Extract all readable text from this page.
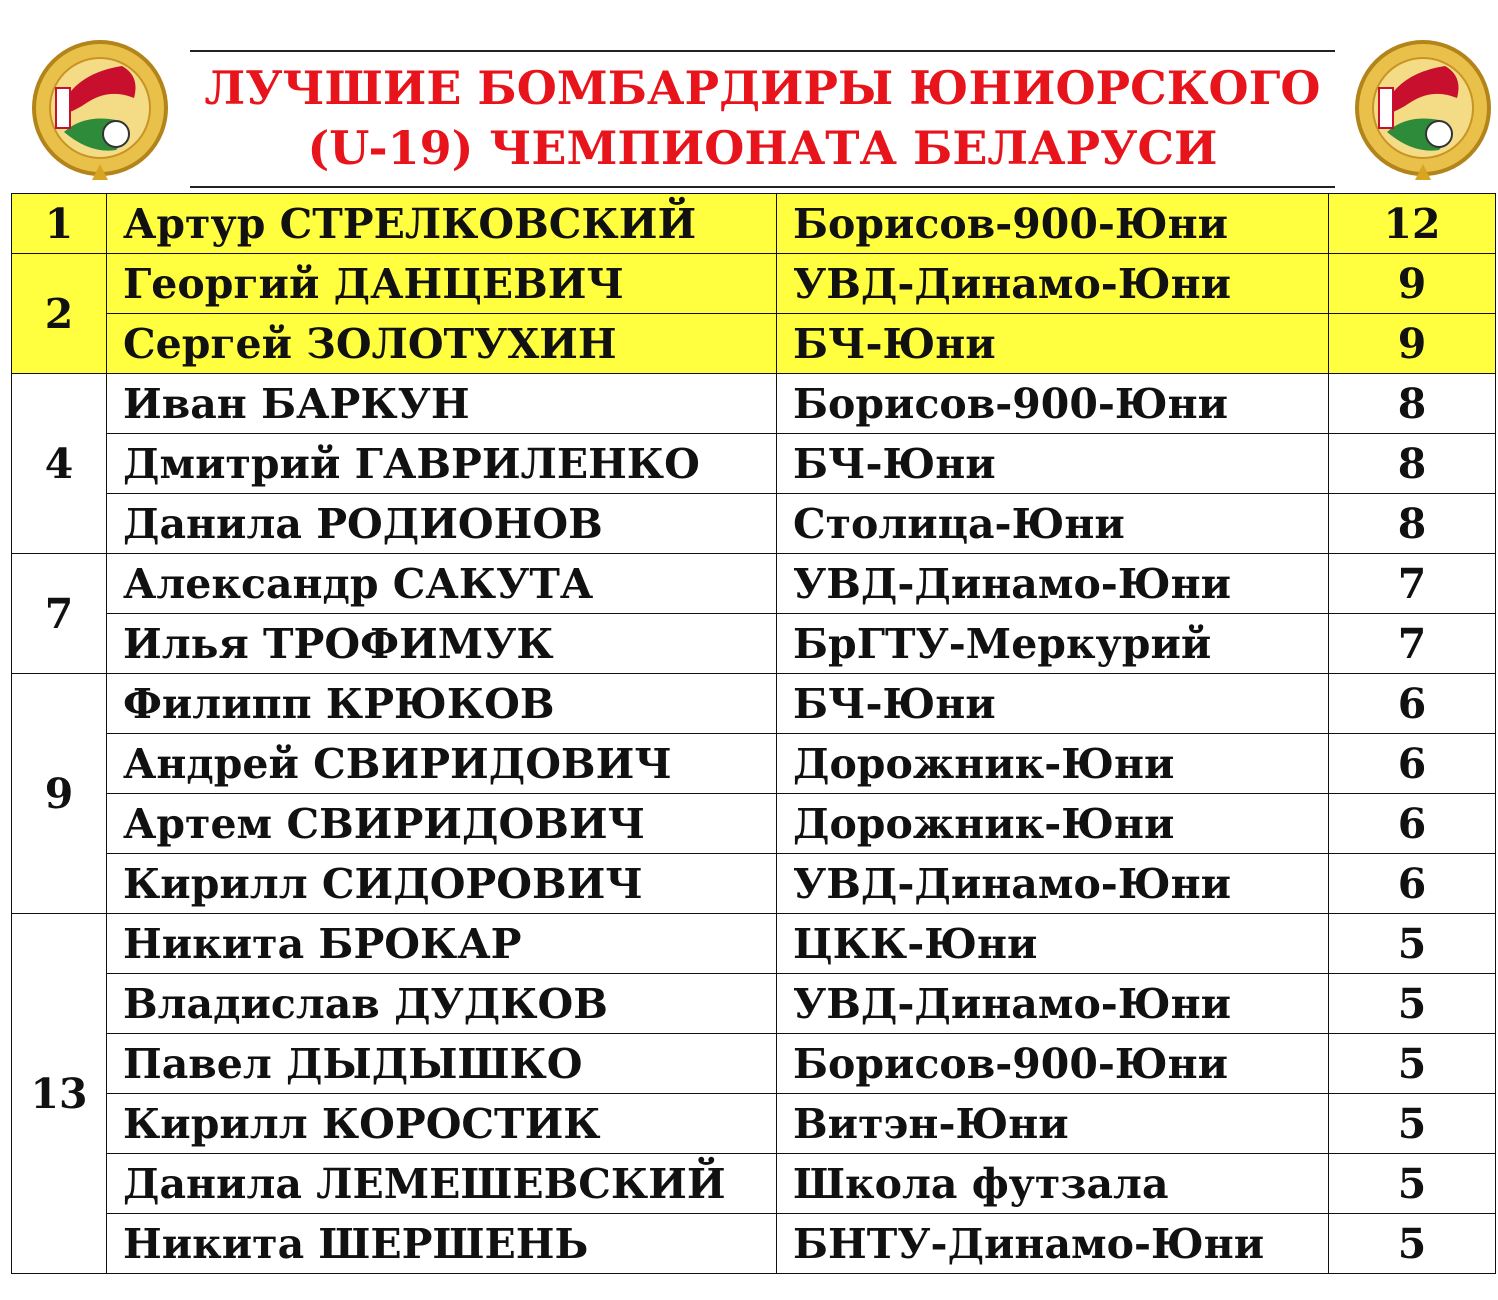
ЛУЧШИЕ БОМБАРДИРЫ ЮНИОРСКОГО
(U-19) ЧЕМПИОНАТА БЕЛАРУСИ
1	Артур СТРЕЛКОВСКИЙ	Борисов-900-Юни	12
2	Георгий ДАНЦЕВИЧ	УВД-Динамо-Юни	9
	Сергей ЗОЛОТУХИН	БЧ-Юни	9
4	Иван БАРКУН	Борисов-900-Юни	8
	Дмитрий ГАВРИЛЕНКО	БЧ-Юни	8
	Данила РОДИОНОВ	Столица-Юни	8
7	Александр САКУТА	УВД-Динамо-Юни	7
	Илья ТРОФИМУК	БрГТУ-Меркурий	7
9	Филипп КРЮКОВ	БЧ-Юни	6
	Андрей СВИРИДОВИЧ	Дорожник-Юни	6
	Артем СВИРИДОВИЧ	Дорожник-Юни	6
	Кирилл СИДОРОВИЧ	УВД-Динамо-Юни	6
13	Никита БРОКАР	ЦКК-Юни	5
	Владислав ДУДКОВ	УВД-Динамо-Юни	5
	Павел ДЫДЫШКО	Борисов-900-Юни	5
	Кирилл КОРОСТИК	Витэн-Юни	5
	Данила ЛЕМЕШЕВСКИЙ	Школа футзала	5
	Никита ШЕРШЕНЬ	БНТУ-Динамо-Юни	5
